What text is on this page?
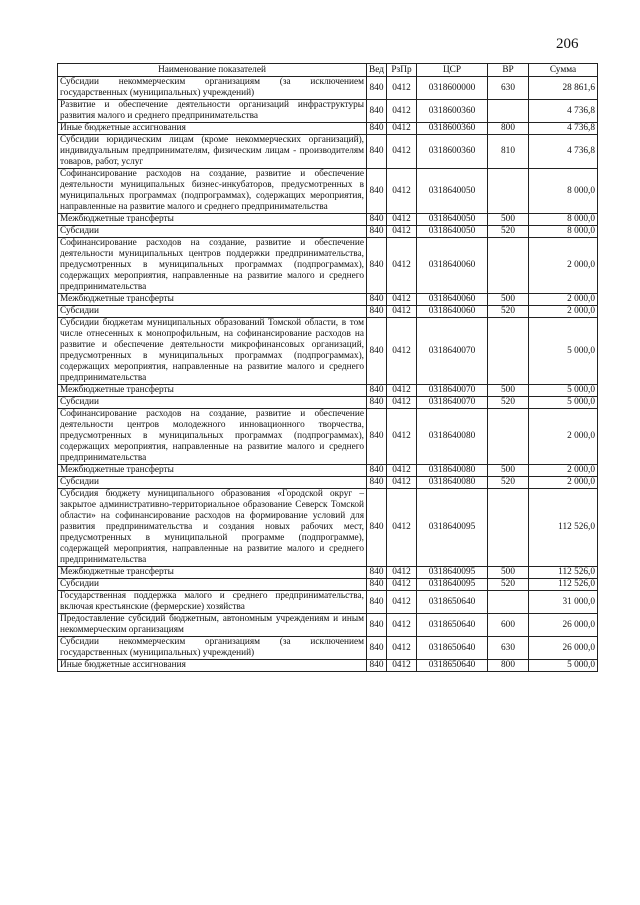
206
Наименование показателей	Вед	РзПр	ЦСР	ВР	Сумма
Субсидии некоммерческим организациям (за исключением государственных (муниципальных) учреждений)	840	0412	0318600000	630	28 861,6
Развитие и обеспечение деятельности организаций инфраструктуры развития малого и среднего предпринимательства	840	0412	0318600360		4 736,8
Иные бюджетные ассигнования	840	0412	0318600360	800	4 736,8
Субсидии юридическим лицам (кроме некоммерческих организаций), индивидуальным предпринимателям, физическим лицам - производителям товаров, работ, услуг	840	0412	0318600360	810	4 736,8
Софинансирование расходов на создание, развитие и обеспечение деятельности муниципальных бизнес-инкубаторов, предусмотренных в муниципальных программах (подпрограммах), содержащих мероприятия, направленные на развитие малого и среднего предпринимательства	840	0412	0318640050		8 000,0
Межбюджетные трансферты	840	0412	0318640050	500	8 000,0
Субсидии	840	0412	0318640050	520	8 000,0
Софинансирование расходов на создание, развитие и обеспечение деятельности муниципальных центров поддержки предпринимательства, предусмотренных в муниципальных программах (подпрограммах), содержащих мероприятия, направленные на развитие малого и среднего предпринимательства	840	0412	0318640060		2 000,0
Межбюджетные трансферты	840	0412	0318640060	500	2 000,0
Субсидии	840	0412	0318640060	520	2 000,0
Субсидии бюджетам муниципальных образований Томской области, в том числе отнесенных к монопрофильным, на софинансирование расходов на развитие и обеспечение деятельности микрофинансовых организаций, предусмотренных в муниципальных программах (подпрограммах), содержащих мероприятия, направленные на развитие малого и среднего предпринимательства	840	0412	0318640070		5 000,0
Межбюджетные трансферты	840	0412	0318640070	500	5 000,0
Субсидии	840	0412	0318640070	520	5 000,0
Софинансирование расходов на создание, развитие и обеспечение деятельности центров молодежного инновационного творчества, предусмотренных в муниципальных программах (подпрограммах), содержащих мероприятия, направленные на развитие малого и среднего предпринимательства	840	0412	0318640080		2 000,0
Межбюджетные трансферты	840	0412	0318640080	500	2 000,0
Субсидии	840	0412	0318640080	520	2 000,0
Субсидия бюджету муниципального образования «Городской округ – закрытое административно-территориальное образование Северск Томской области» на софинансирование расходов на формирование условий для развития предпринимательства и создания новых рабочих мест, предусмотренных в муниципальной программе (подпрограмме), содержащей мероприятия, направленные на развитие малого и среднего предпринимательства	840	0412	0318640095		112 526,0
Межбюджетные трансферты	840	0412	0318640095	500	112 526,0
Субсидии	840	0412	0318640095	520	112 526,0
Государственная поддержка малого и среднего предпринимательства, включая крестьянские (фермерские) хозяйства	840	0412	0318650640		31 000,0
Предоставление субсидий бюджетным, автономным учреждениям и иным некоммерческим организациям	840	0412	0318650640	600	26 000,0
Субсидии некоммерческим организациям (за исключением государственных (муниципальных) учреждений)	840	0412	0318650640	630	26 000,0
Иные бюджетные ассигнования	840	0412	0318650640	800	5 000,0
